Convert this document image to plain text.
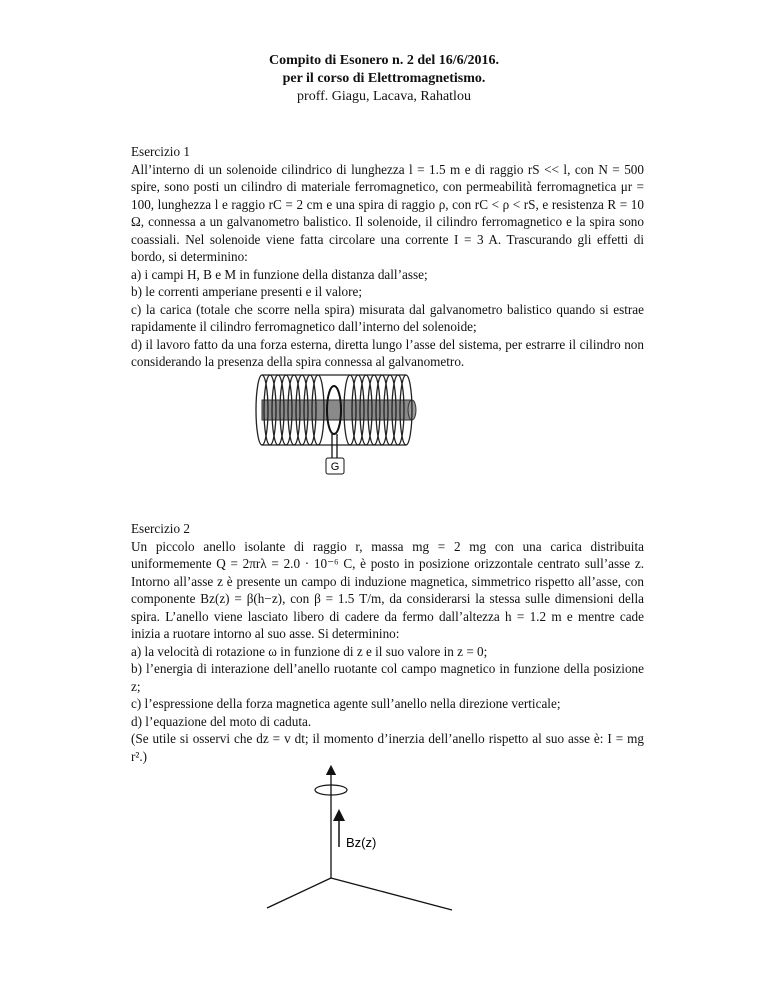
Compito di Esonero n. 2 del 16/6/2016.
per il corso di Elettromagnetismo.
proff. Giagu, Lacava, Rahatlou
Esercizio 1

All’interno di un solenoide cilindrico di lunghezza l = 1.5 m e di raggio rS << l, con N = 500 spire, sono posti un cilindro di materiale ferromagnetico, con permeabilità ferromagnetica μr = 100, lunghezza l e raggio rC = 2 cm e una spira di raggio ρ, con rC < ρ < rS, e resistenza R = 10 Ω, connessa a un galvanometro balistico. Il solenoide, il cilindro ferromagnetico e la spira sono coassiali. Nel solenoide viene fatta circolare una corrente I = 3 A. Trascurando gli effetti di bordo, si determinino:

a) i campi H, B e M in funzione della distanza dall’asse;
b) le correnti amperiane presenti e il valore;
c) la carica (totale che scorre nella spira) misurata dal galvanometro balistico quando si estrae rapidamente il cilindro ferromagnetico dall’interno del solenoide;
d) il lavoro fatto da una forza esterna, diretta lungo l’asse del sistema, per estrarre il cilindro non considerando la presenza della spira connessa al galvanometro.
G
Esercizio 2

Un piccolo anello isolante di raggio r, massa mg = 2 mg con una carica distribuita uniformemente Q = 2πrλ = 2.0 · 10⁻⁶ C, è posto in posizione orizzontale centrato sull’asse z. Intorno all’asse z è presente un campo di induzione magnetica, simmetrico rispetto all’asse, con componente Bz(z) = β(h−z), con β = 1.5 T/m, da considerarsi la stessa sulle dimensioni della spira. L’anello viene lasciato libero di cadere da fermo dall’altezza h = 1.2 m e mentre cade inizia a ruotare intorno al suo asse. Si determinino:

a) la velocità di rotazione ω in funzione di z e il suo valore in z = 0;
b) l’energia di interazione dell’anello ruotante col campo magnetico in funzione della posizione z;
c) l’espressione della forza magnetica agente sull’anello nella direzione verticale;
d) l’equazione del moto di caduta.
(Se utile si osservi che dz = v dt; il momento d’inerzia dell’anello rispetto al suo asse è: I = mg r².)
Bz(z)
